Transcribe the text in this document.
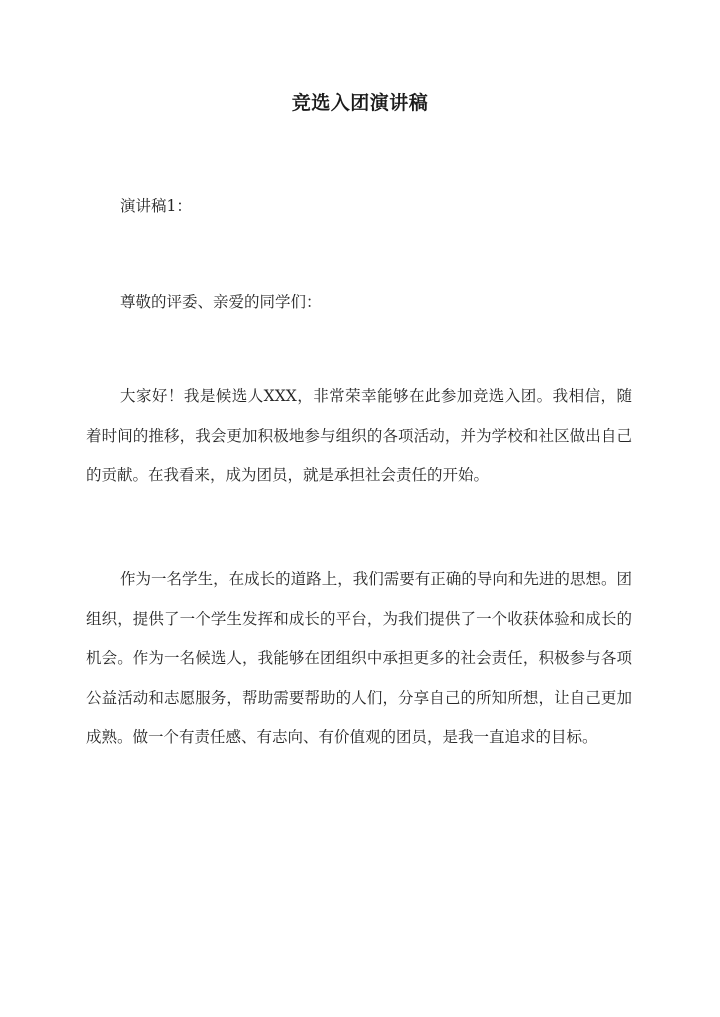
竞选入团演讲稿

演讲稿1：

尊敬的评委、亲爱的同学们：

大家好！我是候选人XXX，非常荣幸能够在此参加竞选入团。我相信，随着时间的推移，我会更加积极地参与组织的各项活动，并为学校和社区做出自己的贡献。在我看来，成为团员，就是承担社会责任的开始。

作为一名学生，在成长的道路上，我们需要有正确的导向和先进的思想。团组织，提供了一个学生发挥和成长的平台，为我们提供了一个收获体验和成长的机会。作为一名候选人，我能够在团组织中承担更多的社会责任，积极参与各项公益活动和志愿服务，帮助需要帮助的人们，分享自己的所知所想，让自己更加成熟。做一个有责任感、有志向、有价值观的团员，是我一直追求的目标。
